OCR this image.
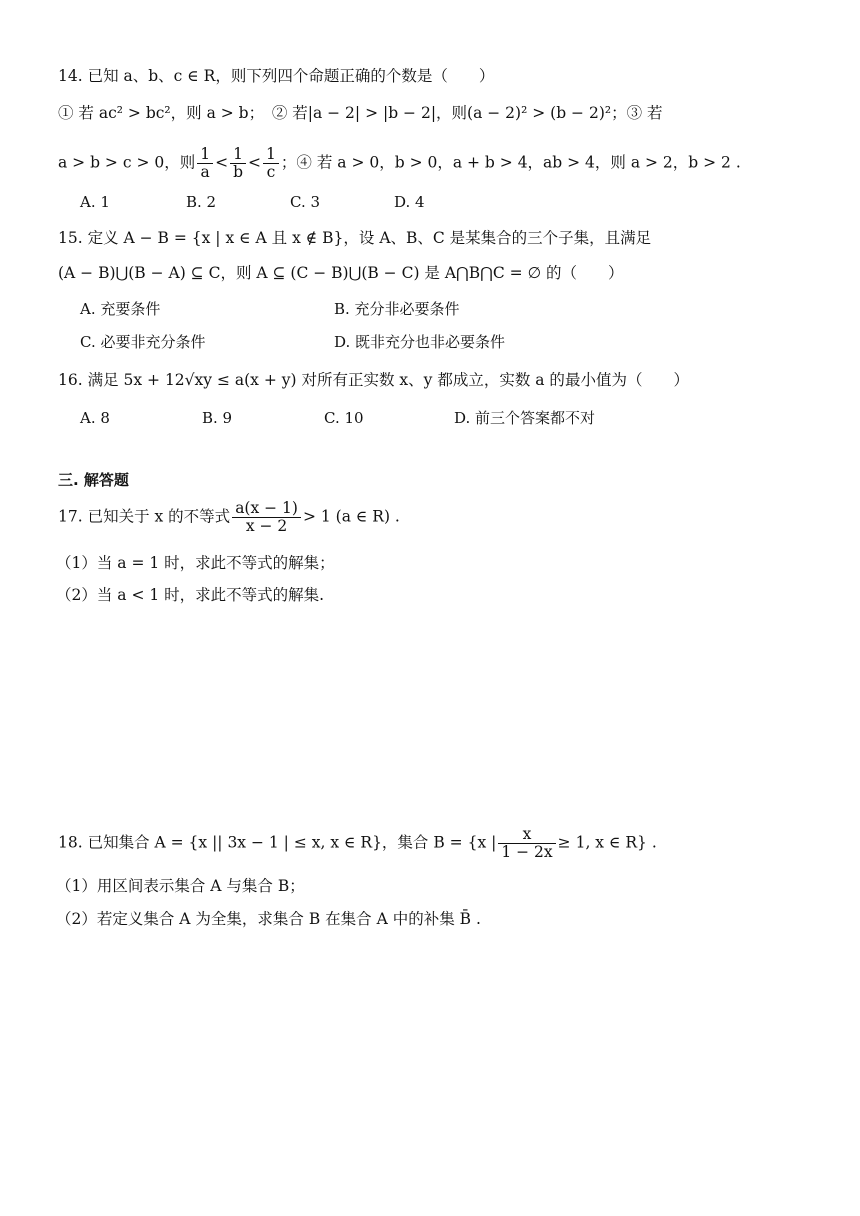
14. 已知 a、b、c ∈ R，则下列四个命题正确的个数是（　　）
① 若 ac² > bc²，则 a > b；　② 若|a − 2| > |b − 2|，则(a − 2)² > (b − 2)²；③ 若
a > b > c > 0，则 $\frac{1}{a} < \frac{1}{b} < \frac{1}{c}$ ；④ 若 a > 0，b > 0，a + b > 4，ab > 4，则 a > 2，b > 2 .
A. 1	B. 2	C. 3	D. 4
15. 定义 A − B = {x | x ∈ A 且 x ∉ B}，设 A、B、C 是某集合的三个子集，且满足
(A − B)⋃(B − A) ⊆ C，则 A ⊆ (C − B)⋃(B − C) 是 A⋂B⋂C = ∅ 的（　　）
A. 充要条件	B. 充分非必要条件
C. 必要非充分条件	D. 既非充分也非必要条件
16. 满足 5x + 12√xy ≤ a(x + y) 对所有正实数 x、y 都成立，实数 a 的最小值为（　　）
A. 8	B. 9	C. 10	D. 前三个答案都不对
三. 解答题
17. 已知关于 x 的不等式 $\frac{a(x - 1)}{x - 2} > 1$ (a ∈ R) .
（1）当 a = 1 时，求此不等式的解集；
（2）当 a < 1 时，求此不等式的解集.
18. 已知集合 A = {x || 3x − 1 | ≤ x, x ∈ R}，集合 B = {x | $\frac{x}{1 - 2x} \ge 1$, x ∈ R} .
（1）用区间表示集合 A 与集合 B；
（2）若定义集合 A 为全集，求集合 B 在集合 A 中的补集 B̄ .
